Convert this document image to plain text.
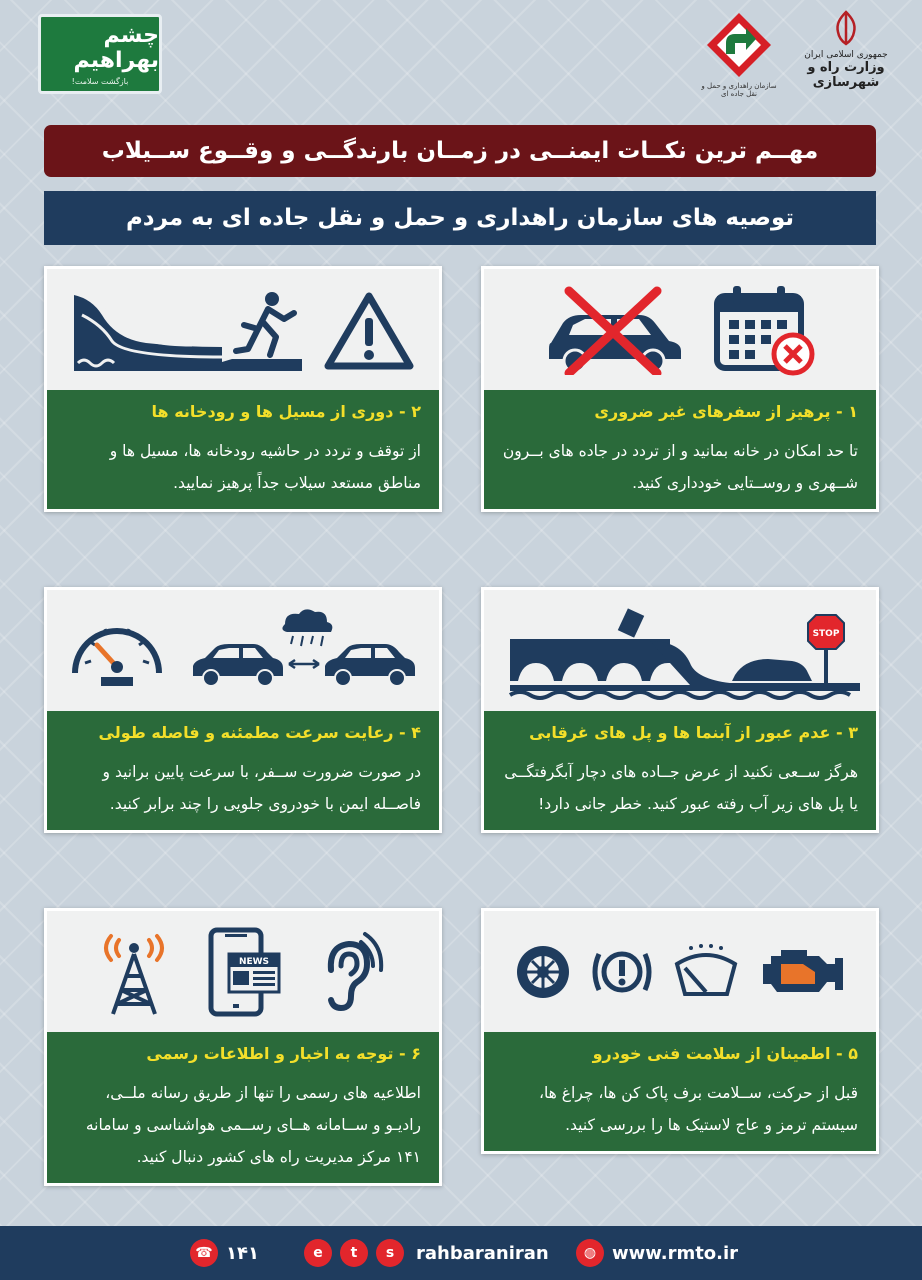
چشم بهراهیم
بازگشت سلامت!
سازمان راهداری و حمل و نقل جاده ای
جمهوری اسلامی ایران
وزارت راه و شهرسازی
مهــم ترین نکــات ایمنــی در زمــان بارندگــی و وقــوع ســیلاب
توصیه های سازمان راهداری و حمل و نقل جاده ای به مردم
۱ - پرهیز از سفرهای غیر ضروری
تا حد امکان در خانه بمانید و از تردد در جاده های بــرون شــهری و روســتایی خودداری کنید.
۲ - دوری از مسیل ها و رودخانه ها
از توقف و تردد در حاشیه رودخانه ها، مسیل ها و مناطق مستعد سیلاب جداً پرهیز نمایید.
STOP
۳ - عدم عبور از آبنما ها و پل های غرقابی
هرگز ســعی نکنید از عرض جــاده های دچار آبگرفتگــی یا پل های زیر آب رفته عبور کنید. خطر جانی دارد!
۴ - رعایت سرعت مطمئنه و فاصله طولی
در صورت ضرورت ســفر، با سرعت پایین برانید و فاصــله ایمن با خودروی جلویی را چند برابر کنید.
۵ - اطمینان از سلامت فنی خودرو
قبل از حرکت، ســلامت برف پاک کن ها، چراغ ها، سیستم ترمز و عاج لاستیک ها را بررسی کنید.
NEWS
۶ - توجه به اخبار و اطلاعات رسمی
اطلاعیه های رسمی را تنها از طریق رسانه ملــی، رادیـو و ســامانه هــای رســمی هواشناسی و سامانه ۱۴۱ مرکز مدیریت راه های کشور دنبال کنید.
☎ ۱۴۱	e	t	s	rahbaraniran	◍ www.rmto.ir
